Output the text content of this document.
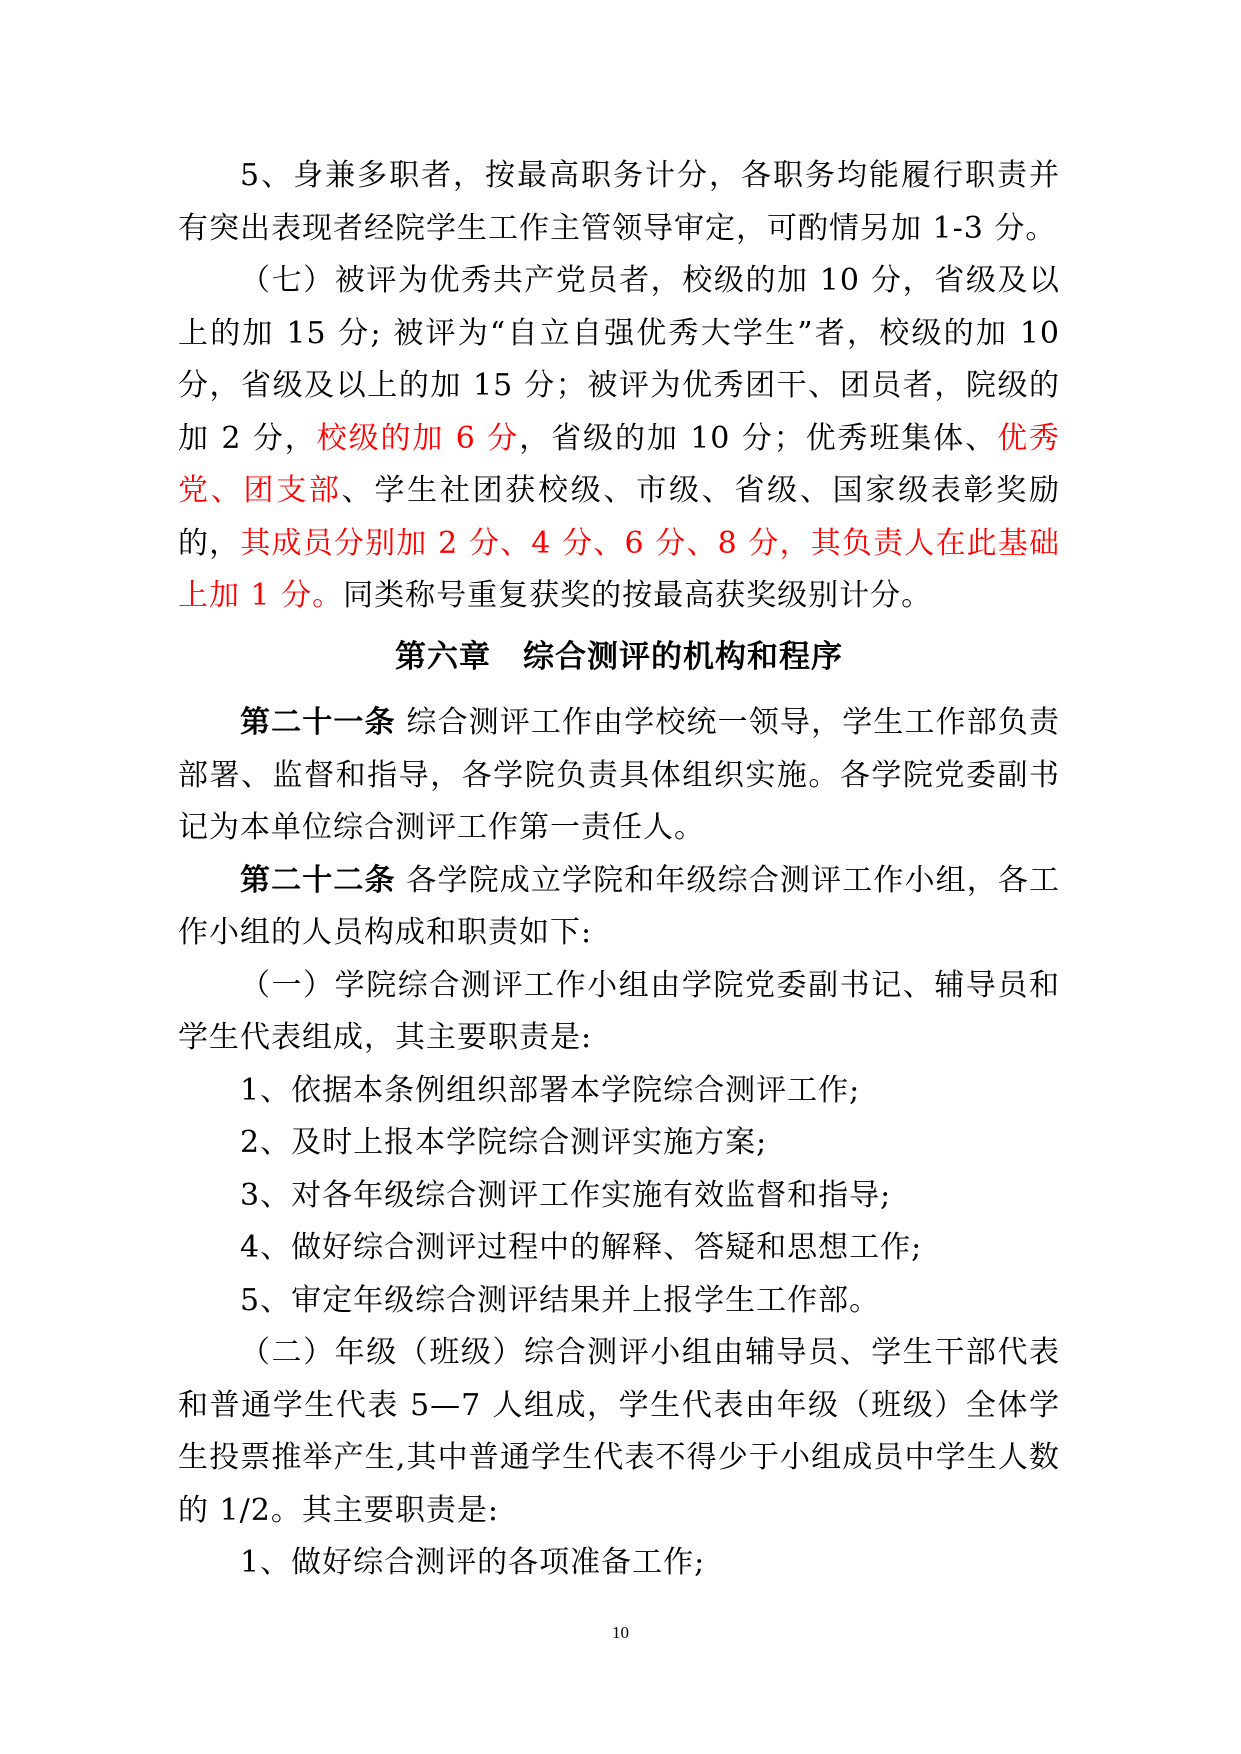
5、身兼多职者，按最高职务计分，各职务均能履行职责并有突出表现者经院学生工作主管领导审定，可酌情另加 1-3 分。

（七）被评为优秀共产党员者，校级的加 10 分，省级及以上的加 15 分; 被评为“自立自强优秀大学生”者，校级的加 10 分，省级及以上的加 15 分；被评为优秀团干、团员者，院级的加 2 分，校级的加 6 分，省级的加 10 分；优秀班集体、优秀党、团支部、学生社团获校级、市级、省级、国家级表彰奖励的，其成员分别加 2 分、4 分、6 分、8 分，其负责人在此基础上加 1 分。同类称号重复获奖的按最高获奖级别计分。

第六章　综合测评的机构和程序

第二十一条 综合测评工作由学校统一领导，学生工作部负责部署、监督和指导，各学院负责具体组织实施。各学院党委副书记为本单位综合测评工作第一责任人。

第二十二条 各学院成立学院和年级综合测评工作小组，各工作小组的人员构成和职责如下:

（一）学院综合测评工作小组由学院党委副书记、辅导员和学生代表组成，其主要职责是:

1、依据本条例组织部署本学院综合测评工作;

2、及时上报本学院综合测评实施方案;

3、对各年级综合测评工作实施有效监督和指导;

4、做好综合测评过程中的解释、答疑和思想工作;

5、审定年级综合测评结果并上报学生工作部。

（二）年级（班级）综合测评小组由辅导员、学生干部代表和普通学生代表 5—7 人组成，学生代表由年级（班级）全体学生投票推举产生,其中普通学生代表不得少于小组成员中学生人数的 1/2。其主要职责是:

1、做好综合测评的各项准备工作;

10
